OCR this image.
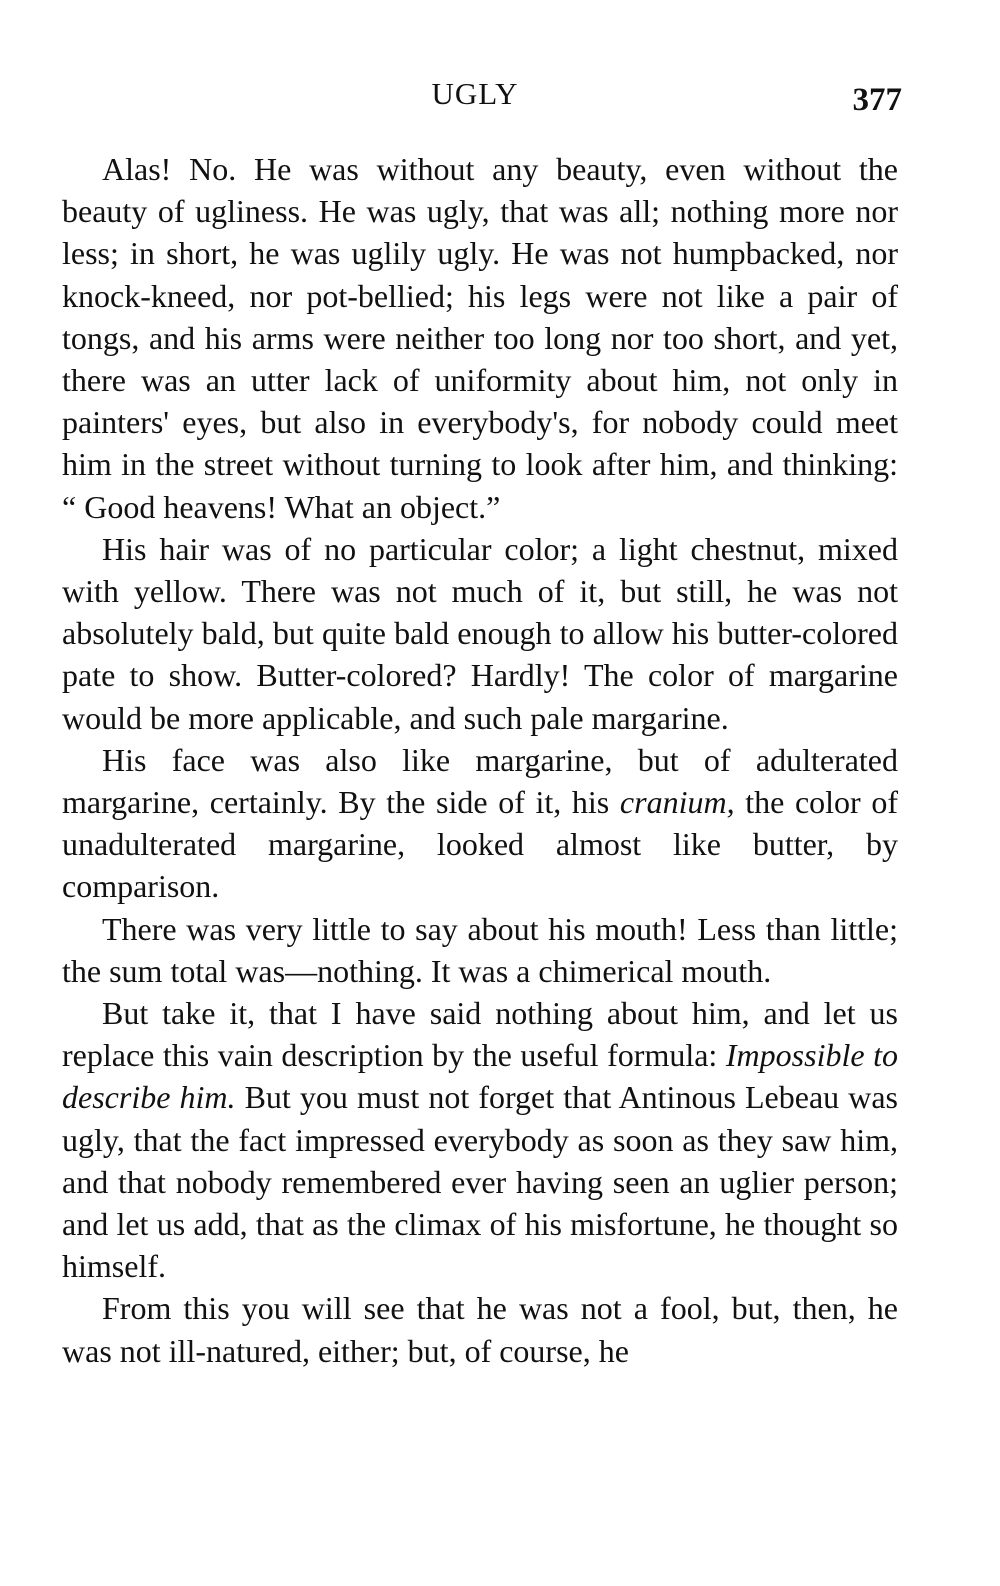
UGLY	377

Alas! No. He was without any beauty, even without the beauty of ugliness. He was ugly, that was all; nothing more nor less; in short, he was uglily ugly. He was not humpbacked, nor knock-kneed, nor pot-bellied; his legs were not like a pair of tongs, and his arms were neither too long nor too short, and yet, there was an utter lack of uniformity about him, not only in painters' eyes, but also in everybody's, for nobody could meet him in the street without turning to look after him, and thinking: “ Good heavens! What an object.”

His hair was of no particular color; a light chestnut, mixed with yellow. There was not much of it, but still, he was not absolutely bald, but quite bald enough to allow his butter-colored pate to show. Butter-colored? Hardly! The color of margarine would be more applicable, and such pale margarine.

His face was also like margarine, but of adulterated margarine, certainly. By the side of it, his cranium, the color of unadulterated margarine, looked almost like butter, by comparison.

There was very little to say about his mouth! Less than little; the sum total was—nothing. It was a chimerical mouth.

But take it, that I have said nothing about him, and let us replace this vain description by the useful formula: Impossible to describe him. But you must not forget that Antinous Lebeau was ugly, that the fact impressed everybody as soon as they saw him, and that nobody remembered ever having seen an uglier person; and let us add, that as the climax of his misfortune, he thought so himself.

From this you will see that he was not a fool, but, then, he was not ill-natured, either; but, of course, he
